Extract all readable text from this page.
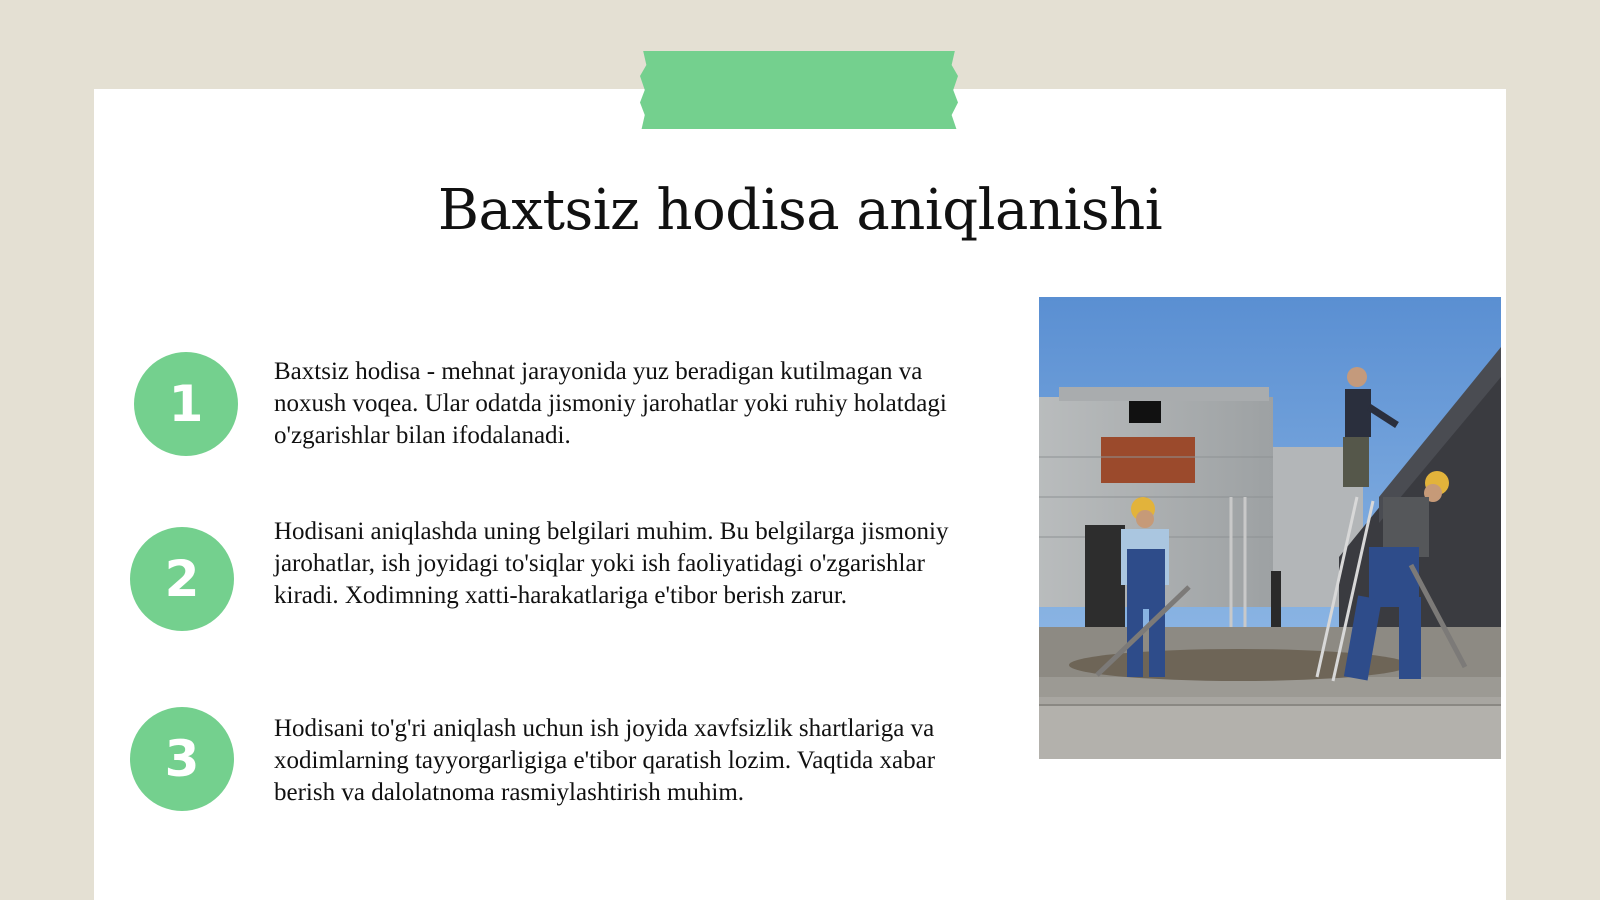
Baxtsiz hodisa aniqlanishi
1
Baxtsiz hodisa - mehnat jarayonida yuz beradigan kutilmagan va noxush voqea. Ular odatda jismoniy jarohatlar yoki ruhiy holatdagi o'zgarishlar bilan ifodalanadi.
2
Hodisani aniqlashda uning belgilari muhim. Bu belgilarga jismoniy jarohatlar, ish joyidagi to'siqlar yoki ish faoliyatidagi o'zgarishlar kiradi. Xodimning xatti-harakatlariga e'tibor berish zarur.
3
Hodisani to'g'ri aniqlash uchun ish joyida xavfsizlik shartlariga va xodimlarning tayyorgarligiga e'tibor qaratish lozim. Vaqtida xabar berish va dalolatnoma rasmiylashtirish muhim.
